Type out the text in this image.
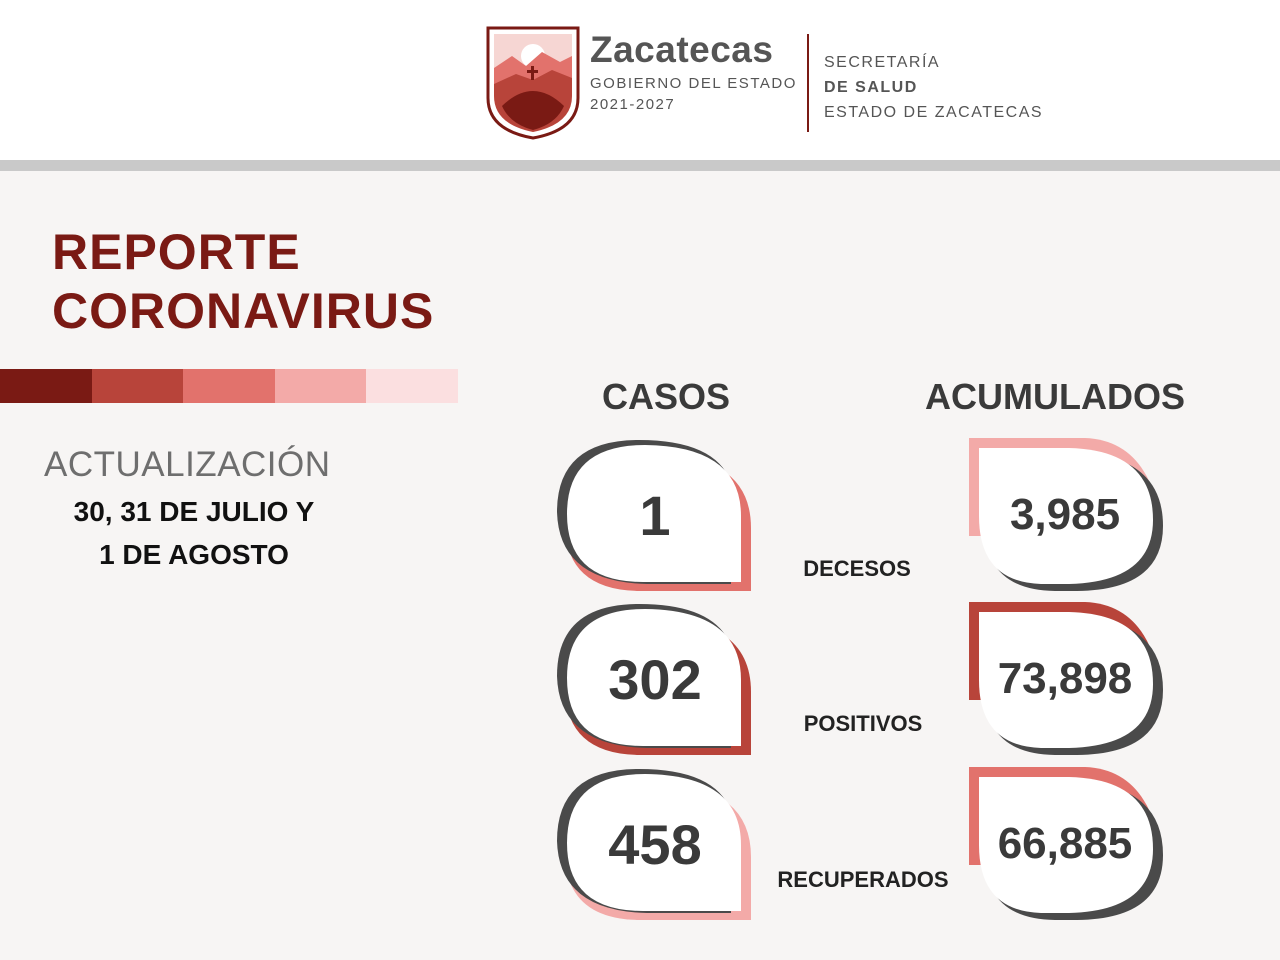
Zacatecas
GOBIERNO DEL ESTADO
2021-2027
SECRETARÍA
DE SALUD
ESTADO DE ZACATECAS
REPORTE
CORONAVIRUS
ACTUALIZACIÓN
30, 31 DE JULIO Y
1 DE AGOSTO
CASOS	ACUMULADOS
1
DECESOS
3,985
302
POSITIVOS
73,898
458
RECUPERADOS
66,885
